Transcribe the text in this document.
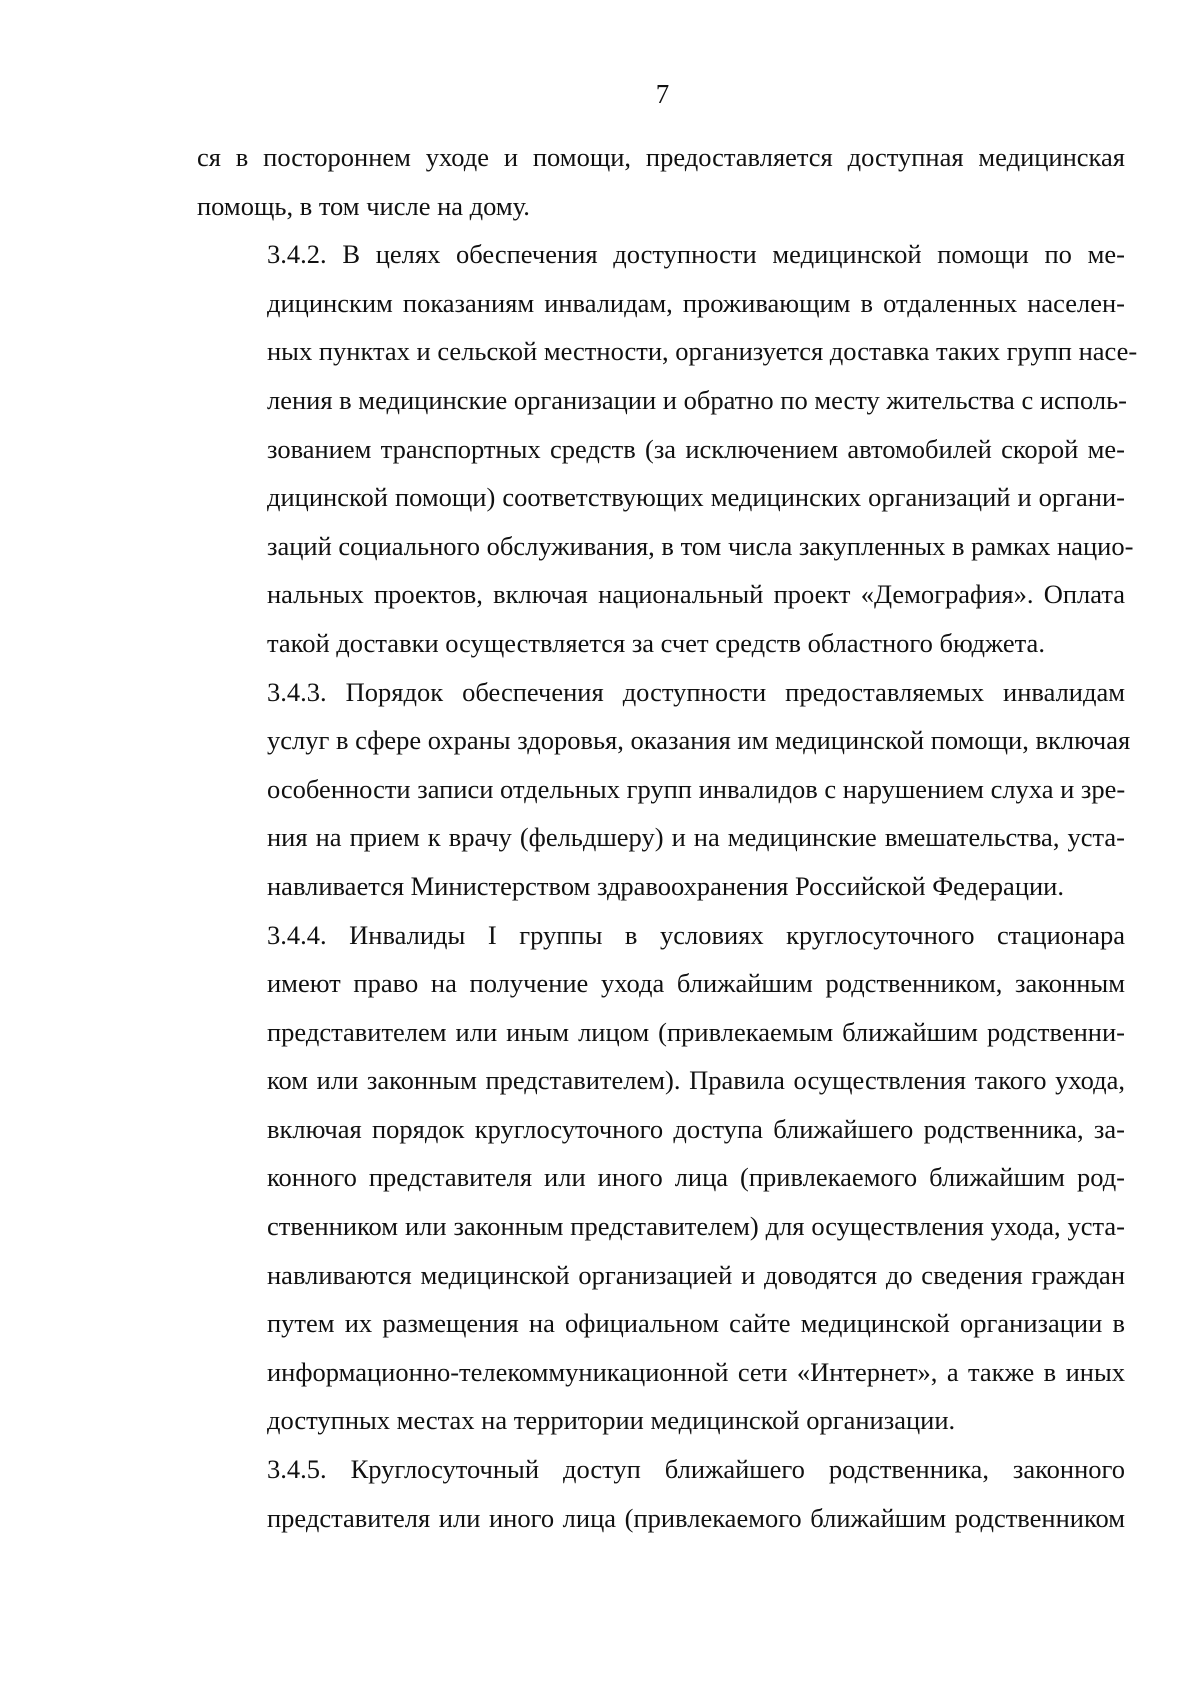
7

ся в постороннем уходе и помощи, предоставляется доступная медицинская
помощь, в том числе на дому.

3.4.2. В целях обеспечения доступности медицинской помощи по ме-
дицинским показаниям инвалидам, проживающим в отдаленных населен-
ных пунктах и сельской местности, организуется доставка таких групп насе-
ления в медицинские организации и обратно по месту жительства с исполь-
зованием транспортных средств (за исключением автомобилей скорой ме-
дицинской помощи) соответствующих медицинских организаций и органи-
заций социального обслуживания, в том числа закупленных в рамках нацио-
нальных проектов, включая национальный проект «Демография». Оплата
такой доставки осуществляется за счет средств областного бюджета.

3.4.3. Порядок обеспечения доступности предоставляемых инвалидам
услуг в сфере охраны здоровья, оказания им медицинской помощи, включая
особенности записи отдельных групп инвалидов с нарушением слуха и зре-
ния на прием к врачу (фельдшеру) и на медицинские вмешательства, уста-
навливается Министерством здравоохранения Российской Федерации.

3.4.4. Инвалиды I группы в условиях круглосуточного стационара
имеют право на получение ухода ближайшим родственником, законным
представителем или иным лицом (привлекаемым ближайшим родственни-
ком или законным представителем). Правила осуществления такого ухода,
включая порядок круглосуточного доступа ближайшего родственника, за-
конного представителя или иного лица (привлекаемого ближайшим род-
ственником или законным представителем) для осуществления ухода, уста-
навливаются медицинской организацией и доводятся до сведения граждан
путем их размещения на официальном сайте медицинской организации в
информационно-телекоммуникационной сети «Интернет», а также в иных
доступных местах на территории медицинской организации.

3.4.5. Круглосуточный доступ ближайшего родственника, законного
представителя или иного лица (привлекаемого ближайшим родственником
